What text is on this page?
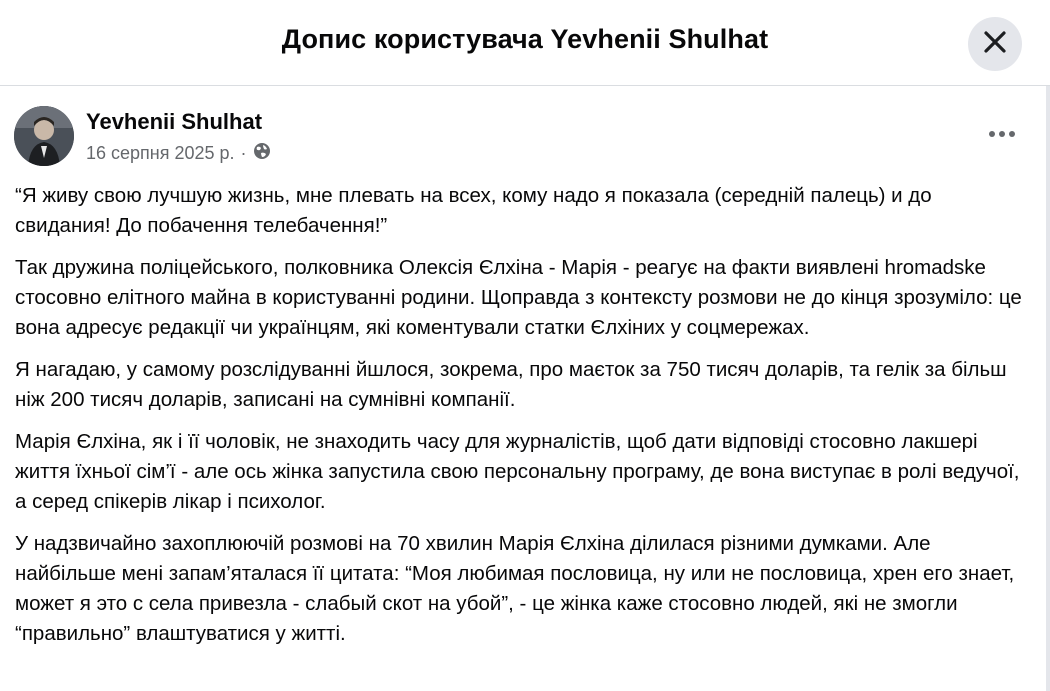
Допис користувача Yevhenii Shulhat
Yevhenii Shulhat
16 серпня 2025 р. ·

“Я живу свою лучшую жизнь, мне плевать на всех, кому надо я показала (середній палець) и до свидания! До побачення телебачення!”

Так дружина поліцейського, полковника Олексія Єлхіна - Марія - реагує на факти виявлені hromadske стосовно елітного майна в користуванні родини. Щоправда з контексту розмови не до кінця зрозуміло: це вона адресує редакції чи українцям, які коментували статки Єлхіних у соцмережах.

Я нагадаю, у самому розслідуванні йшлося, зокрема, про маєток за 750 тисяч доларів, та гелік за більш ніж 200 тисяч доларів, записані на сумнівні компанії.

Марія Єлхіна, як і її чоловік, не знаходить часу для журналістів, щоб дати відповіді стосовно лакшері життя їхньої сім’ї - але ось жінка запустила свою персональну програму, де вона виступає в ролі ведучої, а серед спікерів лікар і психолог.

У надзвичайно захоплюючій розмові на 70 хвилин Марія Єлхіна ділилася різними думками. Але найбільше мені запам’яталася її цитата: “Моя любимая пословица, ну или не пословица, хрен его знает, может я это с села привезла - слабый скот на убой”, - це жінка каже стосовно людей, які не змогли “правильно” влаштуватися у житті.
